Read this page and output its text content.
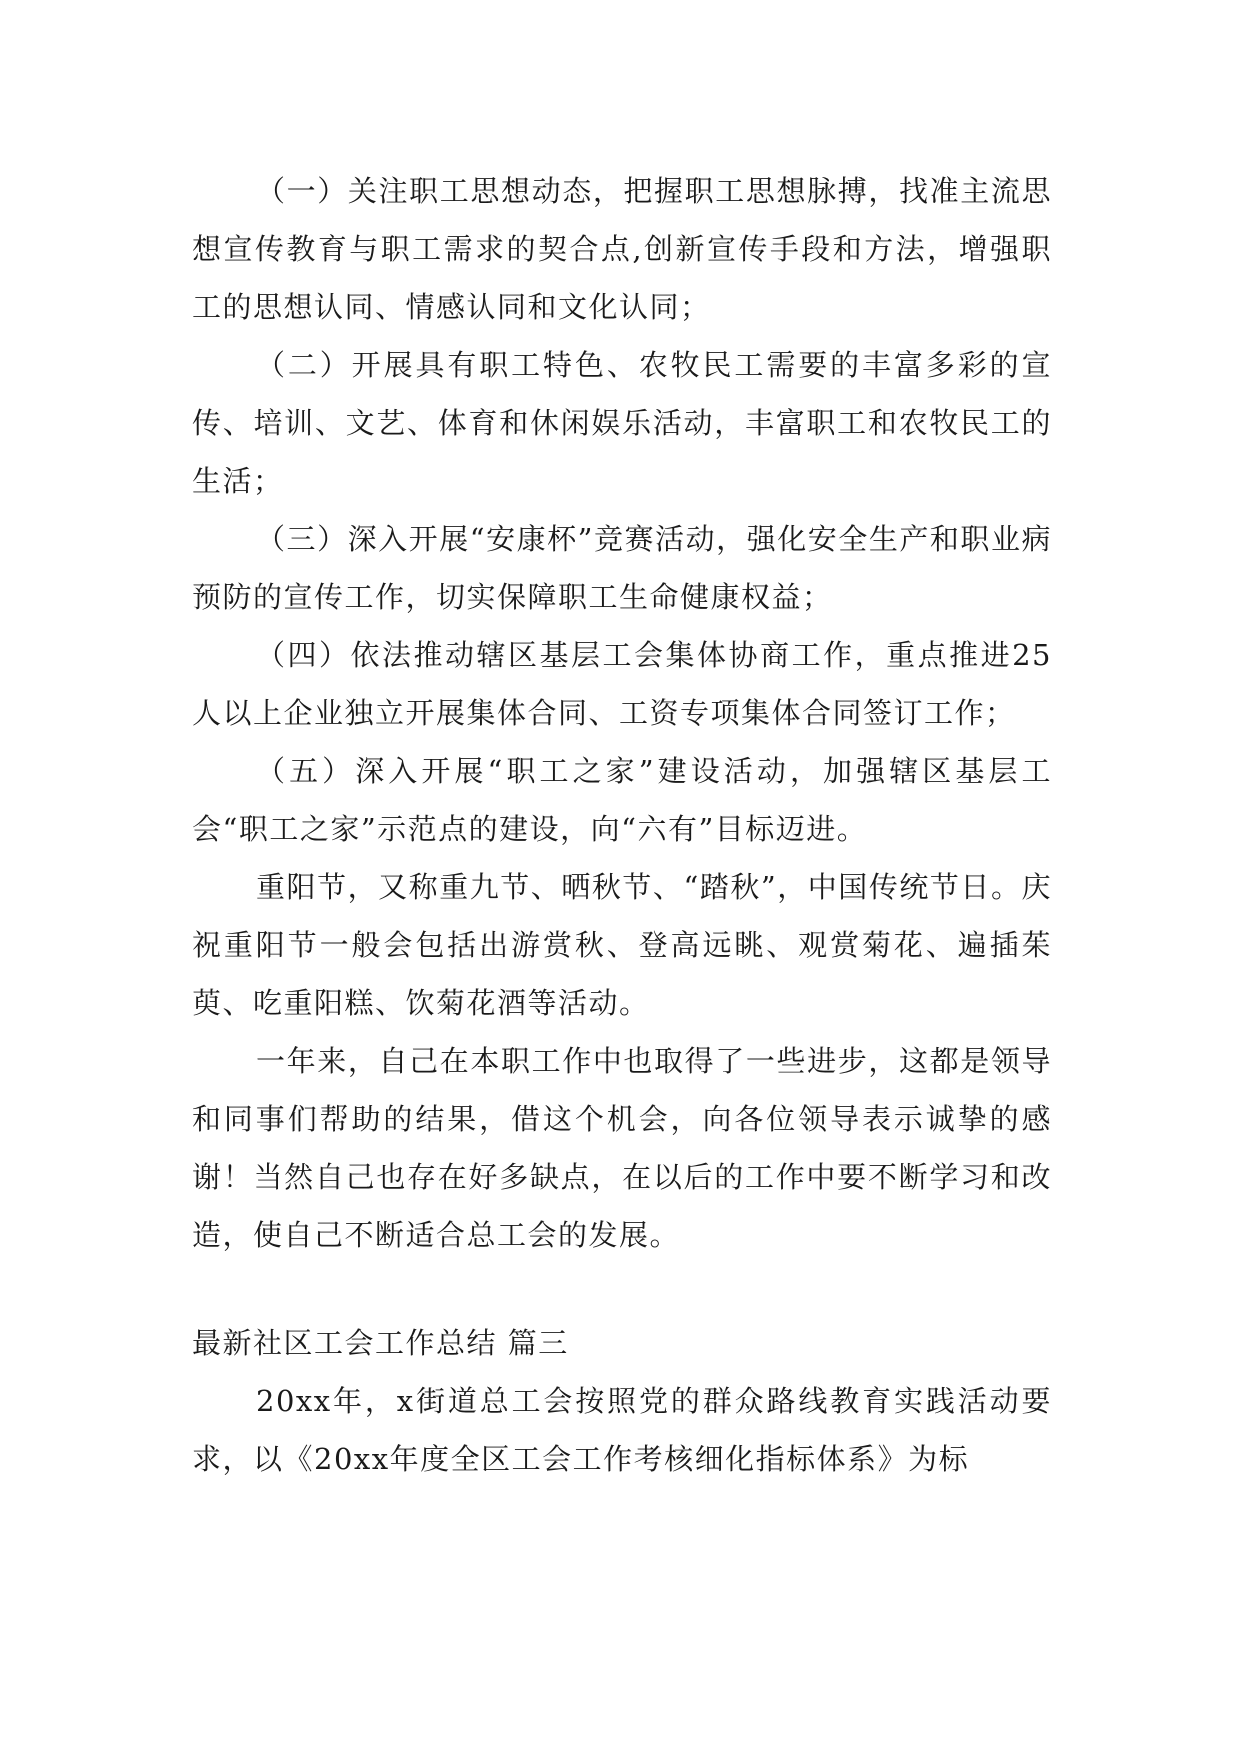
（一）关注职工思想动态，把握职工思想脉搏，找准主流思想宣传教育与职工需求的契合点,创新宣传手段和方法，增强职工的思想认同、情感认同和文化认同；

（二）开展具有职工特色、农牧民工需要的丰富多彩的宣传、培训、文艺、体育和休闲娱乐活动，丰富职工和农牧民工的生活；

（三）深入开展“安康杯”竞赛活动，强化安全生产和职业病预防的宣传工作，切实保障职工生命健康权益；

（四）依法推动辖区基层工会集体协商工作，重点推进25人以上企业独立开展集体合同、工资专项集体合同签订工作；

（五）深入开展“职工之家”建设活动，加强辖区基层工会“职工之家”示范点的建设，向“六有”目标迈进。

重阳节，又称重九节、晒秋节、“踏秋”，中国传统节日。庆祝重阳节一般会包括出游赏秋、登高远眺、观赏菊花、遍插茱萸、吃重阳糕、饮菊花酒等活动。

一年来，自己在本职工作中也取得了一些进步，这都是领导和同事们帮助的结果，借这个机会，向各位领导表示诚挚的感谢！当然自己也存在好多缺点，在以后的工作中要不断学习和改造，使自己不断适合总工会的发展。

最新社区工会工作总结 篇三

20xx年，x街道总工会按照党的群众路线教育实践活动要求，以《20xx年度全区工会工作考核细化指标体系》为标
